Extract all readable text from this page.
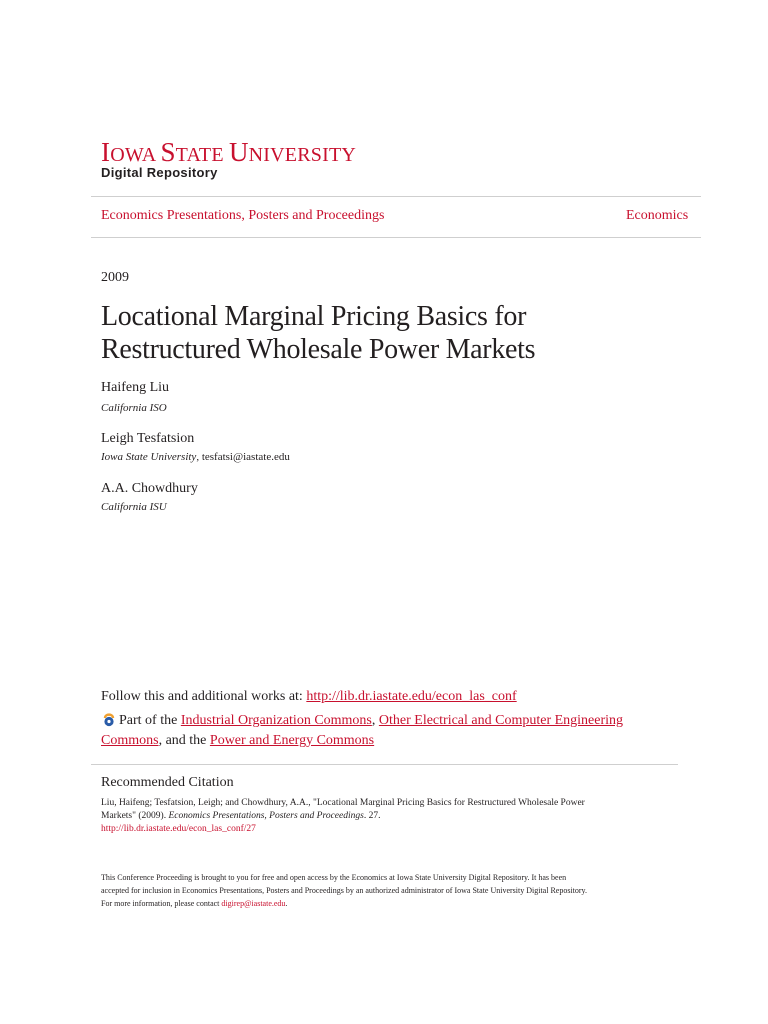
IOWA STATE UNIVERSITY
Digital Repository
Economics Presentations, Posters and Proceedings	Economics
2009
Locational Marginal Pricing Basics for
Restructured Wholesale Power Markets
Haifeng Liu
California ISO
Leigh Tesfatsion
Iowa State University, tesfatsi@iastate.edu
A.A. Chowdhury
California ISU
Follow this and additional works at: http://lib.dr.iastate.edu/econ_las_conf
Part of the Industrial Organization Commons, Other Electrical and Computer Engineering
Commons, and the Power and Energy Commons
Recommended Citation
Liu, Haifeng; Tesfatsion, Leigh; and Chowdhury, A.A., "Locational Marginal Pricing Basics for Restructured Wholesale Power
Markets" (2009). Economics Presentations, Posters and Proceedings. 27.
http://lib.dr.iastate.edu/econ_las_conf/27
This Conference Proceeding is brought to you for free and open access by the Economics at Iowa State University Digital Repository. It has been
accepted for inclusion in Economics Presentations, Posters and Proceedings by an authorized administrator of Iowa State University Digital Repository.
For more information, please contact digirep@iastate.edu.
